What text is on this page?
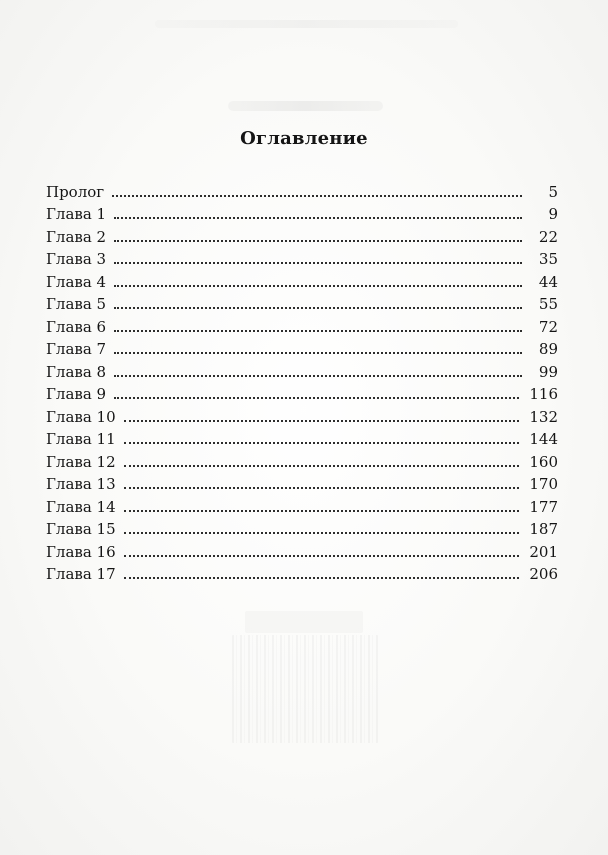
Оглавление
Пролог	5
Глава 1	9
Глава 2	22
Глава 3	35
Глава 4	44
Глава 5	55
Глава 6	72
Глава 7	89
Глава 8	99
Глава 9	116
Глава 10	132
Глава 11	144
Глава 12	160
Глава 13	170
Глава 14	177
Глава 15	187
Глава 16	201
Глава 17	206
